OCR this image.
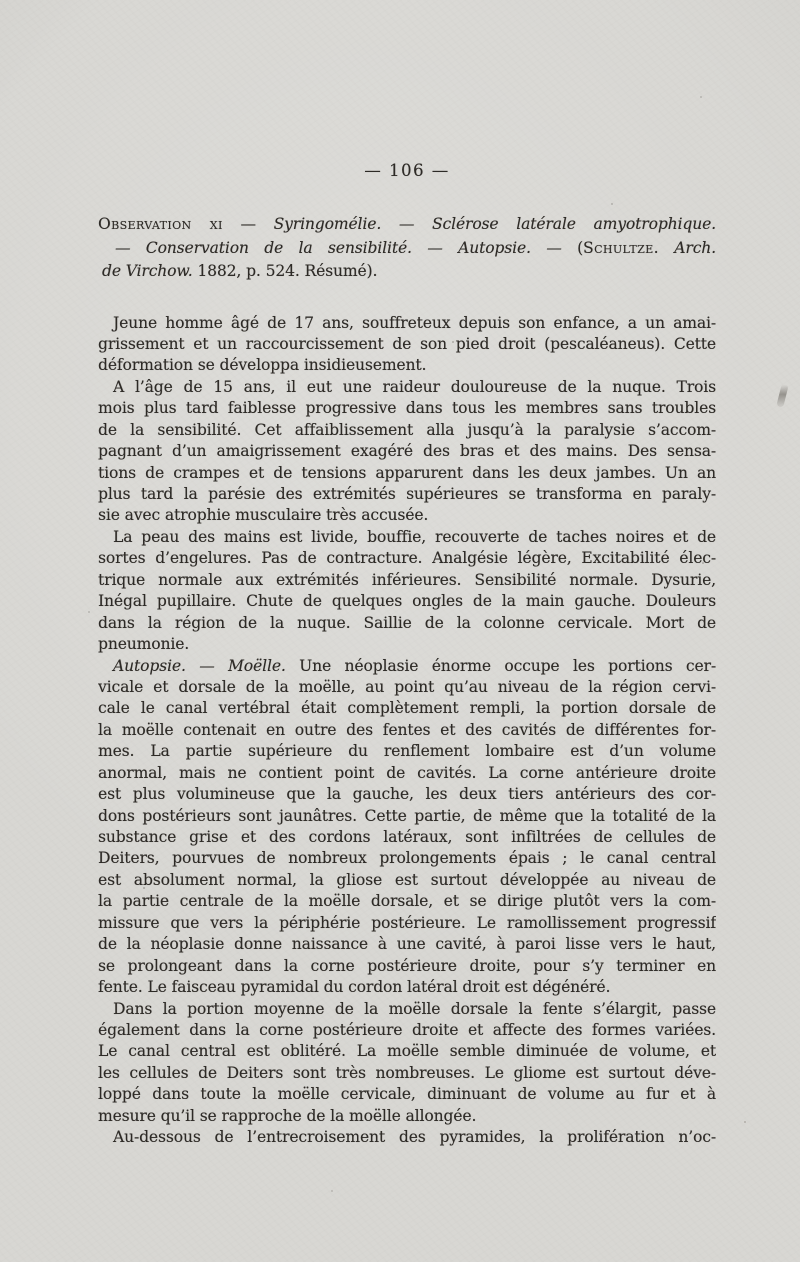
— 106 —
Observation xi — Syringomélie. — Sclérose latérale amyotrophique.
— Conservation de la sensibilité. — Autopsie. — (Schultze. Arch.
de Virchow. 1882, p. 524. Résumé).
Jeune homme âgé de 17 ans, souffreteux depuis son enfance, a un amai-
grissement et un raccourcissement de son pied droit (pescaléaneus). Cette
déformation se développa insidieusement.
A l’âge de 15 ans, il eut une raideur douloureuse de la nuque. Trois
mois plus tard faiblesse progressive dans tous les membres sans troubles
de la sensibilité. Cet affaiblissement alla jusqu’à la paralysie s’accom-
pagnant d’un amaigrissement exagéré des bras et des mains. Des sensa-
tions de crampes et de tensions apparurent dans les deux jambes. Un an
plus tard la parésie des extrémités supérieures se transforma en paraly-
sie avec atrophie musculaire très accusée.
La peau des mains est livide, bouffie, recouverte de taches noires et de
sortes d’engelures. Pas de contracture. Analgésie légère, Excitabilité élec-
trique normale aux extrémités inférieures. Sensibilité normale. Dysurie,
Inégal pupillaire. Chute de quelques ongles de la main gauche. Douleurs
dans la région de la nuque. Saillie de la colonne cervicale. Mort de
pneumonie.
Autopsie. — Moëlle. Une néoplasie énorme occupe les portions cer-
vicale et dorsale de la moëlle, au point qu’au niveau de la région cervi-
cale le canal vertébral était complètement rempli, la portion dorsale de
la moëlle contenait en outre des fentes et des cavités de différentes for-
mes. La partie supérieure du renflement lombaire est d’un volume
anormal, mais ne contient point de cavités. La corne antérieure droite
est plus volumineuse que la gauche, les deux tiers antérieurs des cor-
dons postérieurs sont jaunâtres. Cette partie, de même que la totalité de la
substance grise et des cordons latéraux, sont infiltrées de cellules de
Deiters, pourvues de nombreux prolongements épais ; le canal central
est absolument normal, la gliose est surtout développée au niveau de
la partie centrale de la moëlle dorsale, et se dirige plutôt vers la com-
missure que vers la périphérie postérieure. Le ramollissement progressif
de la néoplasie donne naissance à une cavité, à paroi lisse vers le haut,
se prolongeant dans la corne postérieure droite, pour s’y terminer en
fente. Le faisceau pyramidal du cordon latéral droit est dégénéré.
Dans la portion moyenne de la moëlle dorsale la fente s’élargit, passe
également dans la corne postérieure droite et affecte des formes variées.
Le canal central est oblitéré. La moëlle semble diminuée de volume, et
les cellules de Deiters sont très nombreuses. Le gliome est surtout déve-
loppé dans toute la moëlle cervicale, diminuant de volume au fur et à
mesure qu’il se rapproche de la moëlle allongée.
Au-dessous de l’entrecroisement des pyramides, la prolifération n’oc-
